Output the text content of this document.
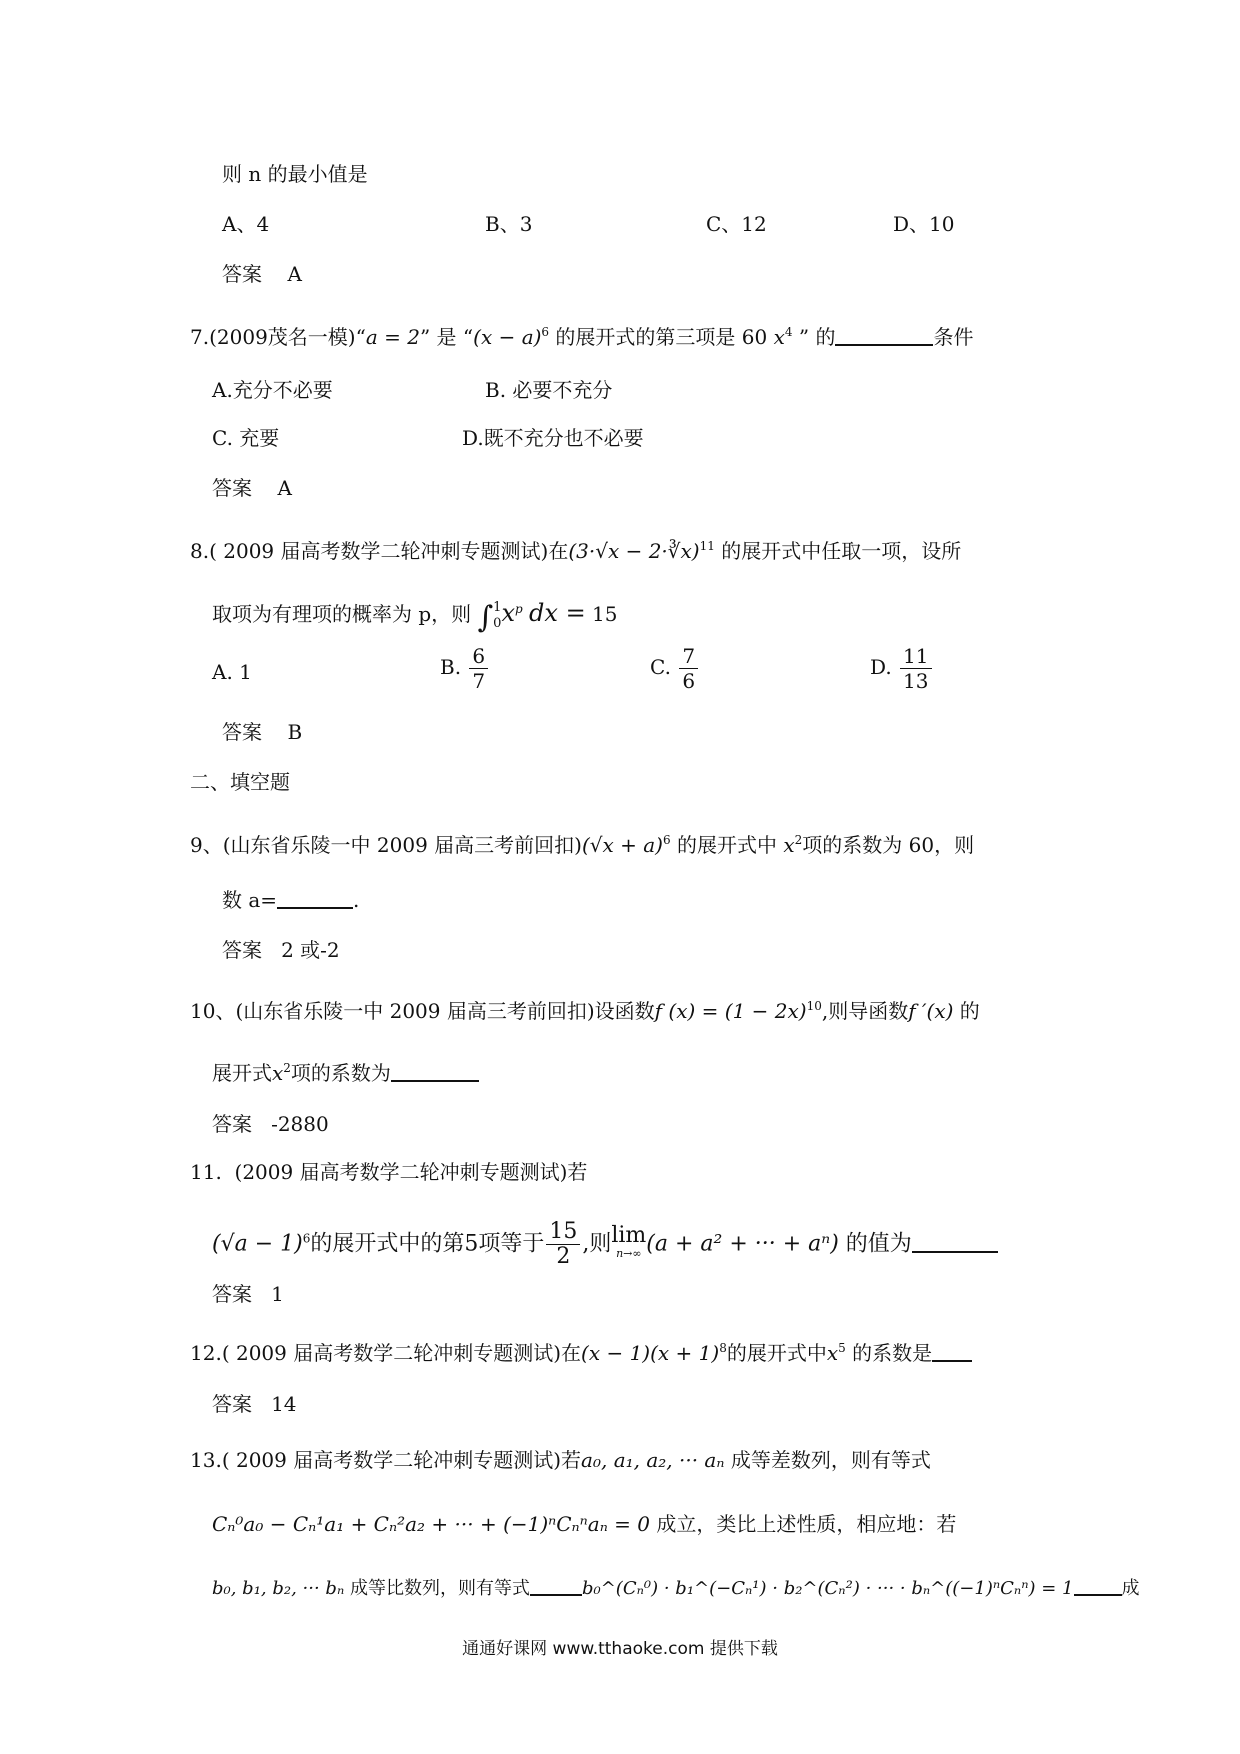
则 n 的最小值是
A、4	B、3	C、12	D、10
答案 A
7.(2009茂名一模)“a = 2” 是 “$(x - a)^6$ 的展开式的第三项是 60 $x^4$ ” 的	条件
A.充分不必要	B. 必要不充分
C. 充要	D.既不充分也不必要
答案 A
8.( 2009 届高考数学二轮冲刺专题测试)在(3·√x − 2·∛x)$^{11}$ 的展开式中任取一项，设所
取项为有理项的概率为 p，则 ∫ 1
0 $x^p$ dx = 15
A. 1	B. $\frac{6}{7}$	C. $\frac{7}{6}$	D. $\frac{11}{13}$
答案 B
二、填空题
9、(山东省乐陵一中 2009 届高三考前回扣)$(√x + a)^6$ 的展开式中 $x^2$项的系数为 60，则
数 a=	.
答案 2 或-2
10、(山东省乐陵一中 2009 届高三考前回扣)设函数f $(x) = (1 - 2x)^{10}$,则导函数f ′(x) 的
展开式$x^2$项的系数为
答案 -2880
11. (2009 届高考数学二轮冲刺专题测试)若
$(√a - 1)^6$的展开式中的第5项等于 $\frac{15}{2}$ ,则 lim
n→∞ (a + a² + ··· + aⁿ) 的值为
答案 1
12.( 2009 届高考数学二轮冲刺专题测试)在$(x - 1)(x + 1)^8$的展开式中$x^5$ 的系数是
答案 14
13.( 2009 届高考数学二轮冲刺专题测试)若a₀, a₁, a₂, ··· aₙ 成等差数列，则有等式
Cₙ⁰a₀ − Cₙ¹a₁ + Cₙ²a₂ + ··· + (−1)ⁿCₙⁿaₙ = 0 成立，类比上述性质，相应地：若
b₀, b₁, b₂, ··· bₙ 成等比数列，则有等式	b₀^(Cₙ⁰) · b₁^(−Cₙ¹) · b₂^(Cₙ²) · ··· · bₙ^((−1)ⁿCₙⁿ) = 1	成
通通好课网 www.tthaoke.com 提供下载
